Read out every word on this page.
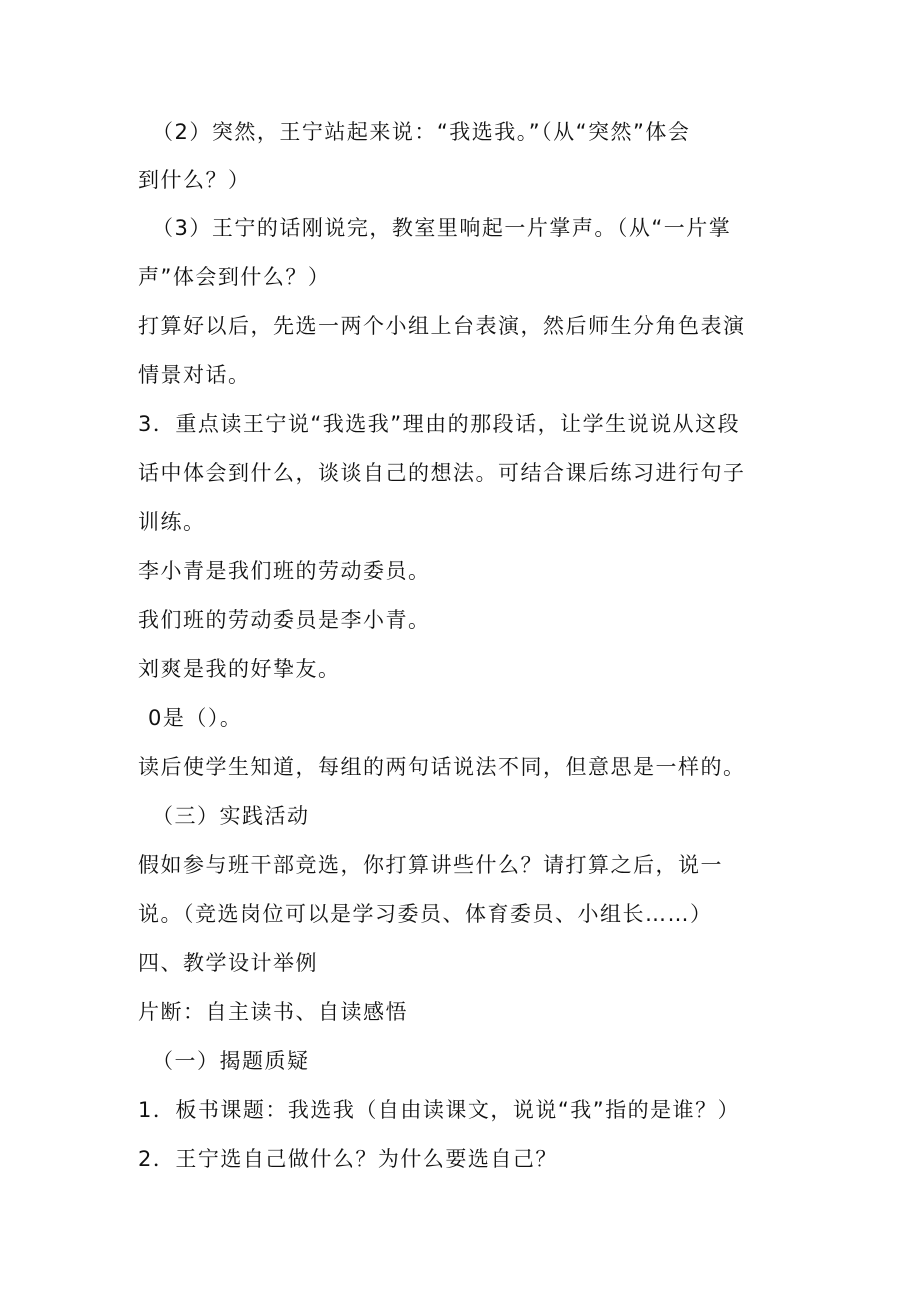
（2）突然，王宁站起来说：“我选我。”（从“突然”体会
到什么？）
（3）王宁的话刚说完，教室里响起一片掌声。（从“一片掌
声”体会到什么？）
打算好以后，先选一两个小组上台表演，然后师生分角色表演
情景对话。
3．重点读王宁说“我选我”理由的那段话，让学生说说从这段
话中体会到什么，谈谈自己的想法。可结合课后练习进行句子
训练。
李小青是我们班的劳动委员。
我们班的劳动委员是李小青。
刘爽是我的好挚友。
0是（）。
读后使学生知道，每组的两句话说法不同，但意思是一样的。
（三）实践活动
假如参与班干部竞选，你打算讲些什么？请打算之后，说一
说。（竞选岗位可以是学习委员、体育委员、小组长……）
四、教学设计举例
片断：自主读书、自读感悟
（一）揭题质疑
1．板书课题：我选我（自由读课文，说说“我”指的是谁？）
2．王宁选自己做什么？为什么要选自己？
